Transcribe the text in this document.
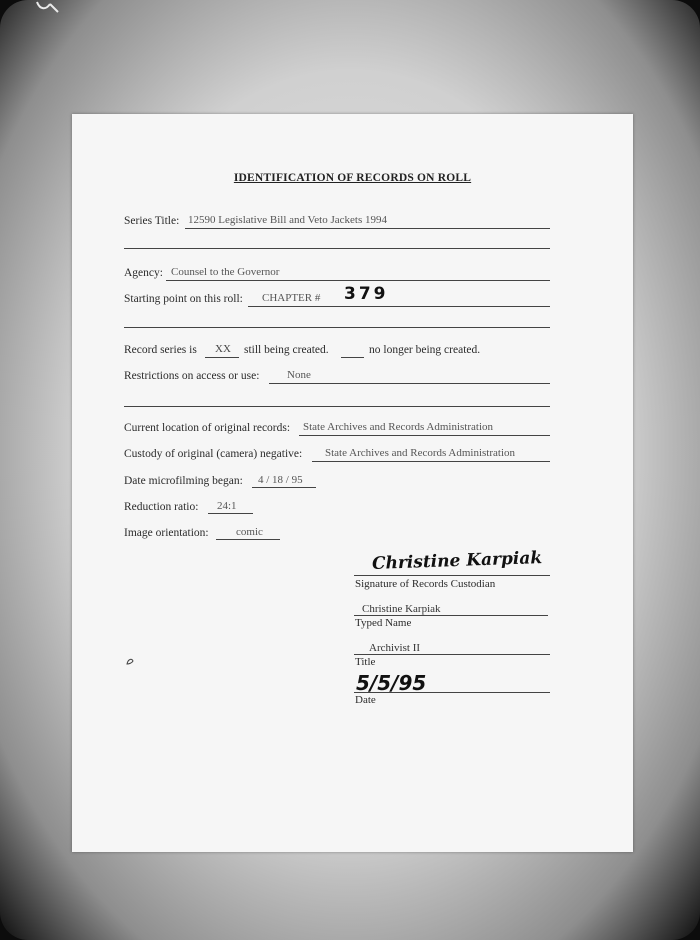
IDENTIFICATION OF RECORDS ON ROLL
Series Title: 12590 Legislative Bill and Veto Jackets 1994
Agency: Counsel to the Governor
Starting point on this roll: CHAPTER # 379
Record series is XX still being created.	no longer being created.
Restrictions on access or use:	None
Current location of original records: State Archives and Records Administration
Custody of original (camera) negative: State Archives and Records Administration
Date microfilming began: 4 / 18 / 95
Reduction ratio: 24:1
Image orientation: comic
Christine Karpiak
Signature of Records Custodian
Christine Karpiak
Typed Name
Archivist II
Title
5/5/95
Date
